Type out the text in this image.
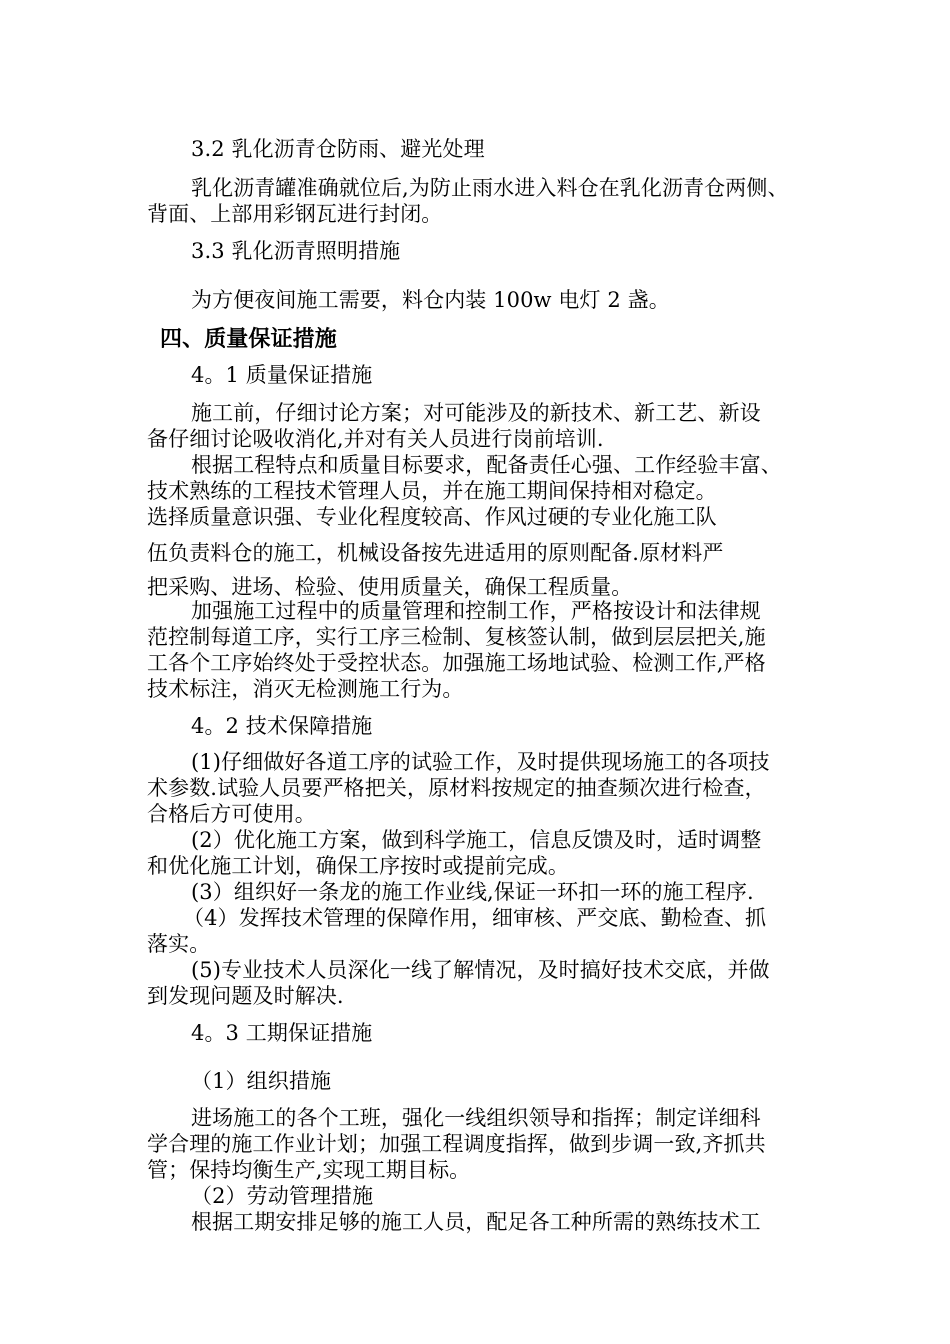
3.2 乳化沥青仓防雨、避光处理
乳化沥青罐准确就位后,为防止雨水进入料仓在乳化沥青仓两侧、
背面、上部用彩钢瓦进行封闭。
3.3 乳化沥青照明措施
为方便夜间施工需要，料仓内装 100w 电灯 2 盏。
四、质量保证措施
4。1 质量保证措施
施工前，仔细讨论方案；对可能涉及的新技术、新工艺、新设
备仔细讨论吸收消化,并对有关人员进行岗前培训.
根据工程特点和质量目标要求，配备责任心强、工作经验丰富、
技术熟练的工程技术管理人员，并在施工期间保持相对稳定。
选择质量意识强、专业化程度较高、作风过硬的专业化施工队
伍负责料仓的施工，机械设备按先进适用的原则配备.原材料严
把采购、进场、检验、使用质量关，确保工程质量。
加强施工过程中的质量管理和控制工作，严格按设计和法律规
范控制每道工序，实行工序三检制、复核签认制，做到层层把关,施
工各个工序始终处于受控状态。加强施工场地试验、检测工作,严格
技术标注，消灭无检测施工行为。
4。2 技术保障措施
(1)仔细做好各道工序的试验工作，及时提供现场施工的各项技
术参数.试验人员要严格把关，原材料按规定的抽查频次进行检查，
合格后方可使用。
(2）优化施工方案，做到科学施工，信息反馈及时，适时调整
和优化施工计划，确保工序按时或提前完成。
(3）组织好一条龙的施工作业线,保证一环扣一环的施工程序.
（4）发挥技术管理的保障作用，细审核、严交底、勤检查、抓
落实。
(5)专业技术人员深化一线了解情况，及时搞好技术交底，并做
到发现问题及时解决.
4。3 工期保证措施
（1）组织措施
进场施工的各个工班，强化一线组织领导和指挥；制定详细科
学合理的施工作业计划；加强工程调度指挥，做到步调一致,齐抓共
管；保持均衡生产,实现工期目标。
（2）劳动管理措施
根据工期安排足够的施工人员，配足各工种所需的熟练技术工
